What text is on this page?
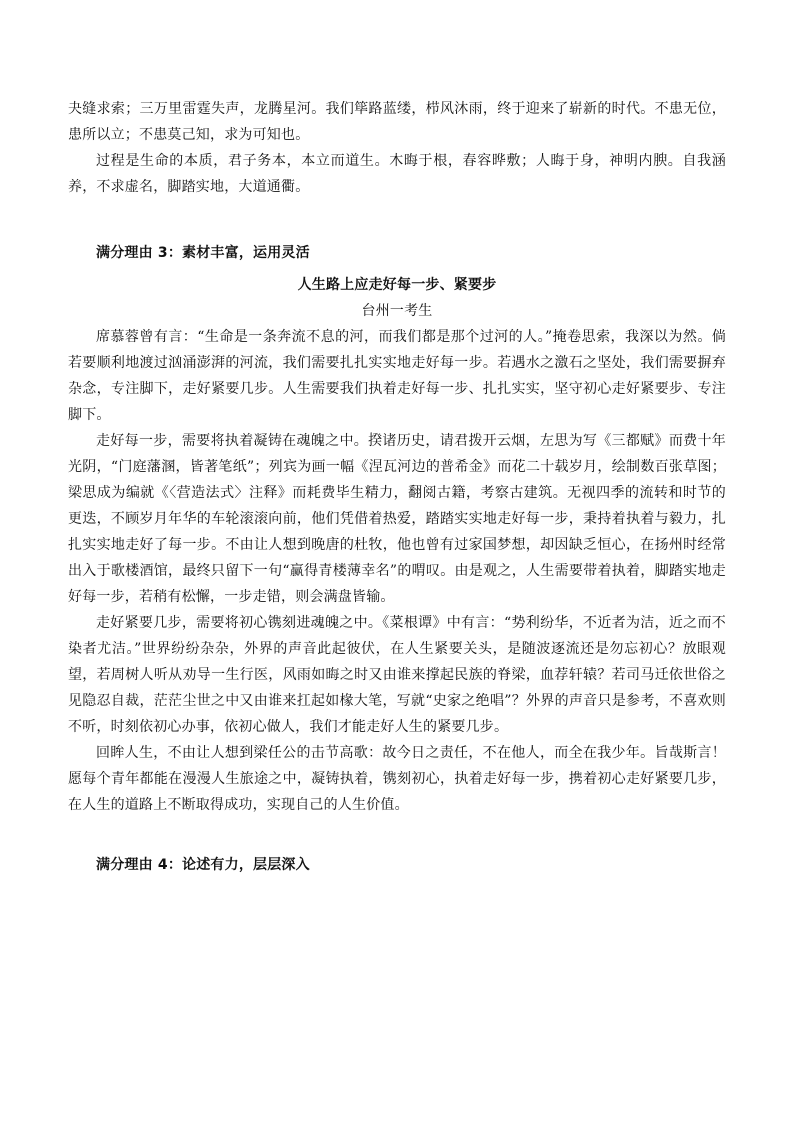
夬缝求索；三万里雷霆失声，龙腾星河。我们筚路蓝缕，栉风沐雨，终于迎来了崭新的时代。不患无位，患所以立；不患莫己知，求为可知也。

过程是生命的本质，君子务本，本立而道生。木晦于根，春容晔敷；人晦于身，神明内腴。自我涵养，不求虚名，脚踏实地，大道通衢。

满分理由 3：素材丰富，运用灵活

人生路上应走好每一步、紧要步

台州一考生

席慕蓉曾有言：“生命是一条奔流不息的河，而我们都是那个过河的人。”掩卷思索，我深以为然。倘若要顺利地渡过汹涌澎湃的河流，我们需要扎扎实实地走好每一步。若遇水之激石之坚处，我们需要摒弃杂念，专注脚下，走好紧要几步。人生需要我们执着走好每一步、扎扎实实，坚守初心走好紧要步、专注脚下。

走好每一步，需要将执着凝铸在魂魄之中。揆诸历史，请君拨开云烟，左思为写《三都赋》而费十年光阴，“门庭藩溷，皆著笔纸”；列宾为画一幅《涅瓦河边的普希金》而花二十载岁月，绘制数百张草图；梁思成为编就《〈营造法式〉注释》而耗费毕生精力，翻阅古籍，考察古建筑。无视四季的流转和时节的更迭，不顾岁月年华的车轮滚滚向前，他们凭借着热爱，踏踏实实地走好每一步，秉持着执着与毅力，扎扎实实地走好了每一步。不由让人想到晚唐的杜牧，他也曾有过家国梦想，却因缺乏恒心，在扬州时经常出入于歌楼酒馆，最终只留下一句“赢得青楼薄幸名”的喟叹。由是观之，人生需要带着执着，脚踏实地走好每一步，若稍有松懈，一步走错，则会满盘皆输。

走好紧要几步，需要将初心镌刻进魂魄之中。《菜根谭》中有言：“势利纷华，不近者为洁，近之而不染者尤洁。”世界纷纷杂杂，外界的声音此起彼伏，在人生紧要关头，是随波逐流还是勿忘初心？放眼观望，若周树人听从劝导一生行医，风雨如晦之时又由谁来撑起民族的脊梁，血荐轩辕？若司马迁依世俗之见隐忍自裁，茫茫尘世之中又由谁来扛起如椽大笔，写就“史家之绝唱”？外界的声音只是参考，不喜欢则不听，时刻依初心办事，依初心做人，我们才能走好人生的紧要几步。

回眸人生，不由让人想到梁任公的击节高歌：故今日之责任，不在他人，而全在我少年。旨哉斯言！愿每个青年都能在漫漫人生旅途之中，凝铸执着，镌刻初心，执着走好每一步，携着初心走好紧要几步，在人生的道路上不断取得成功，实现自己的人生价值。

满分理由 4：论述有力，层层深入
